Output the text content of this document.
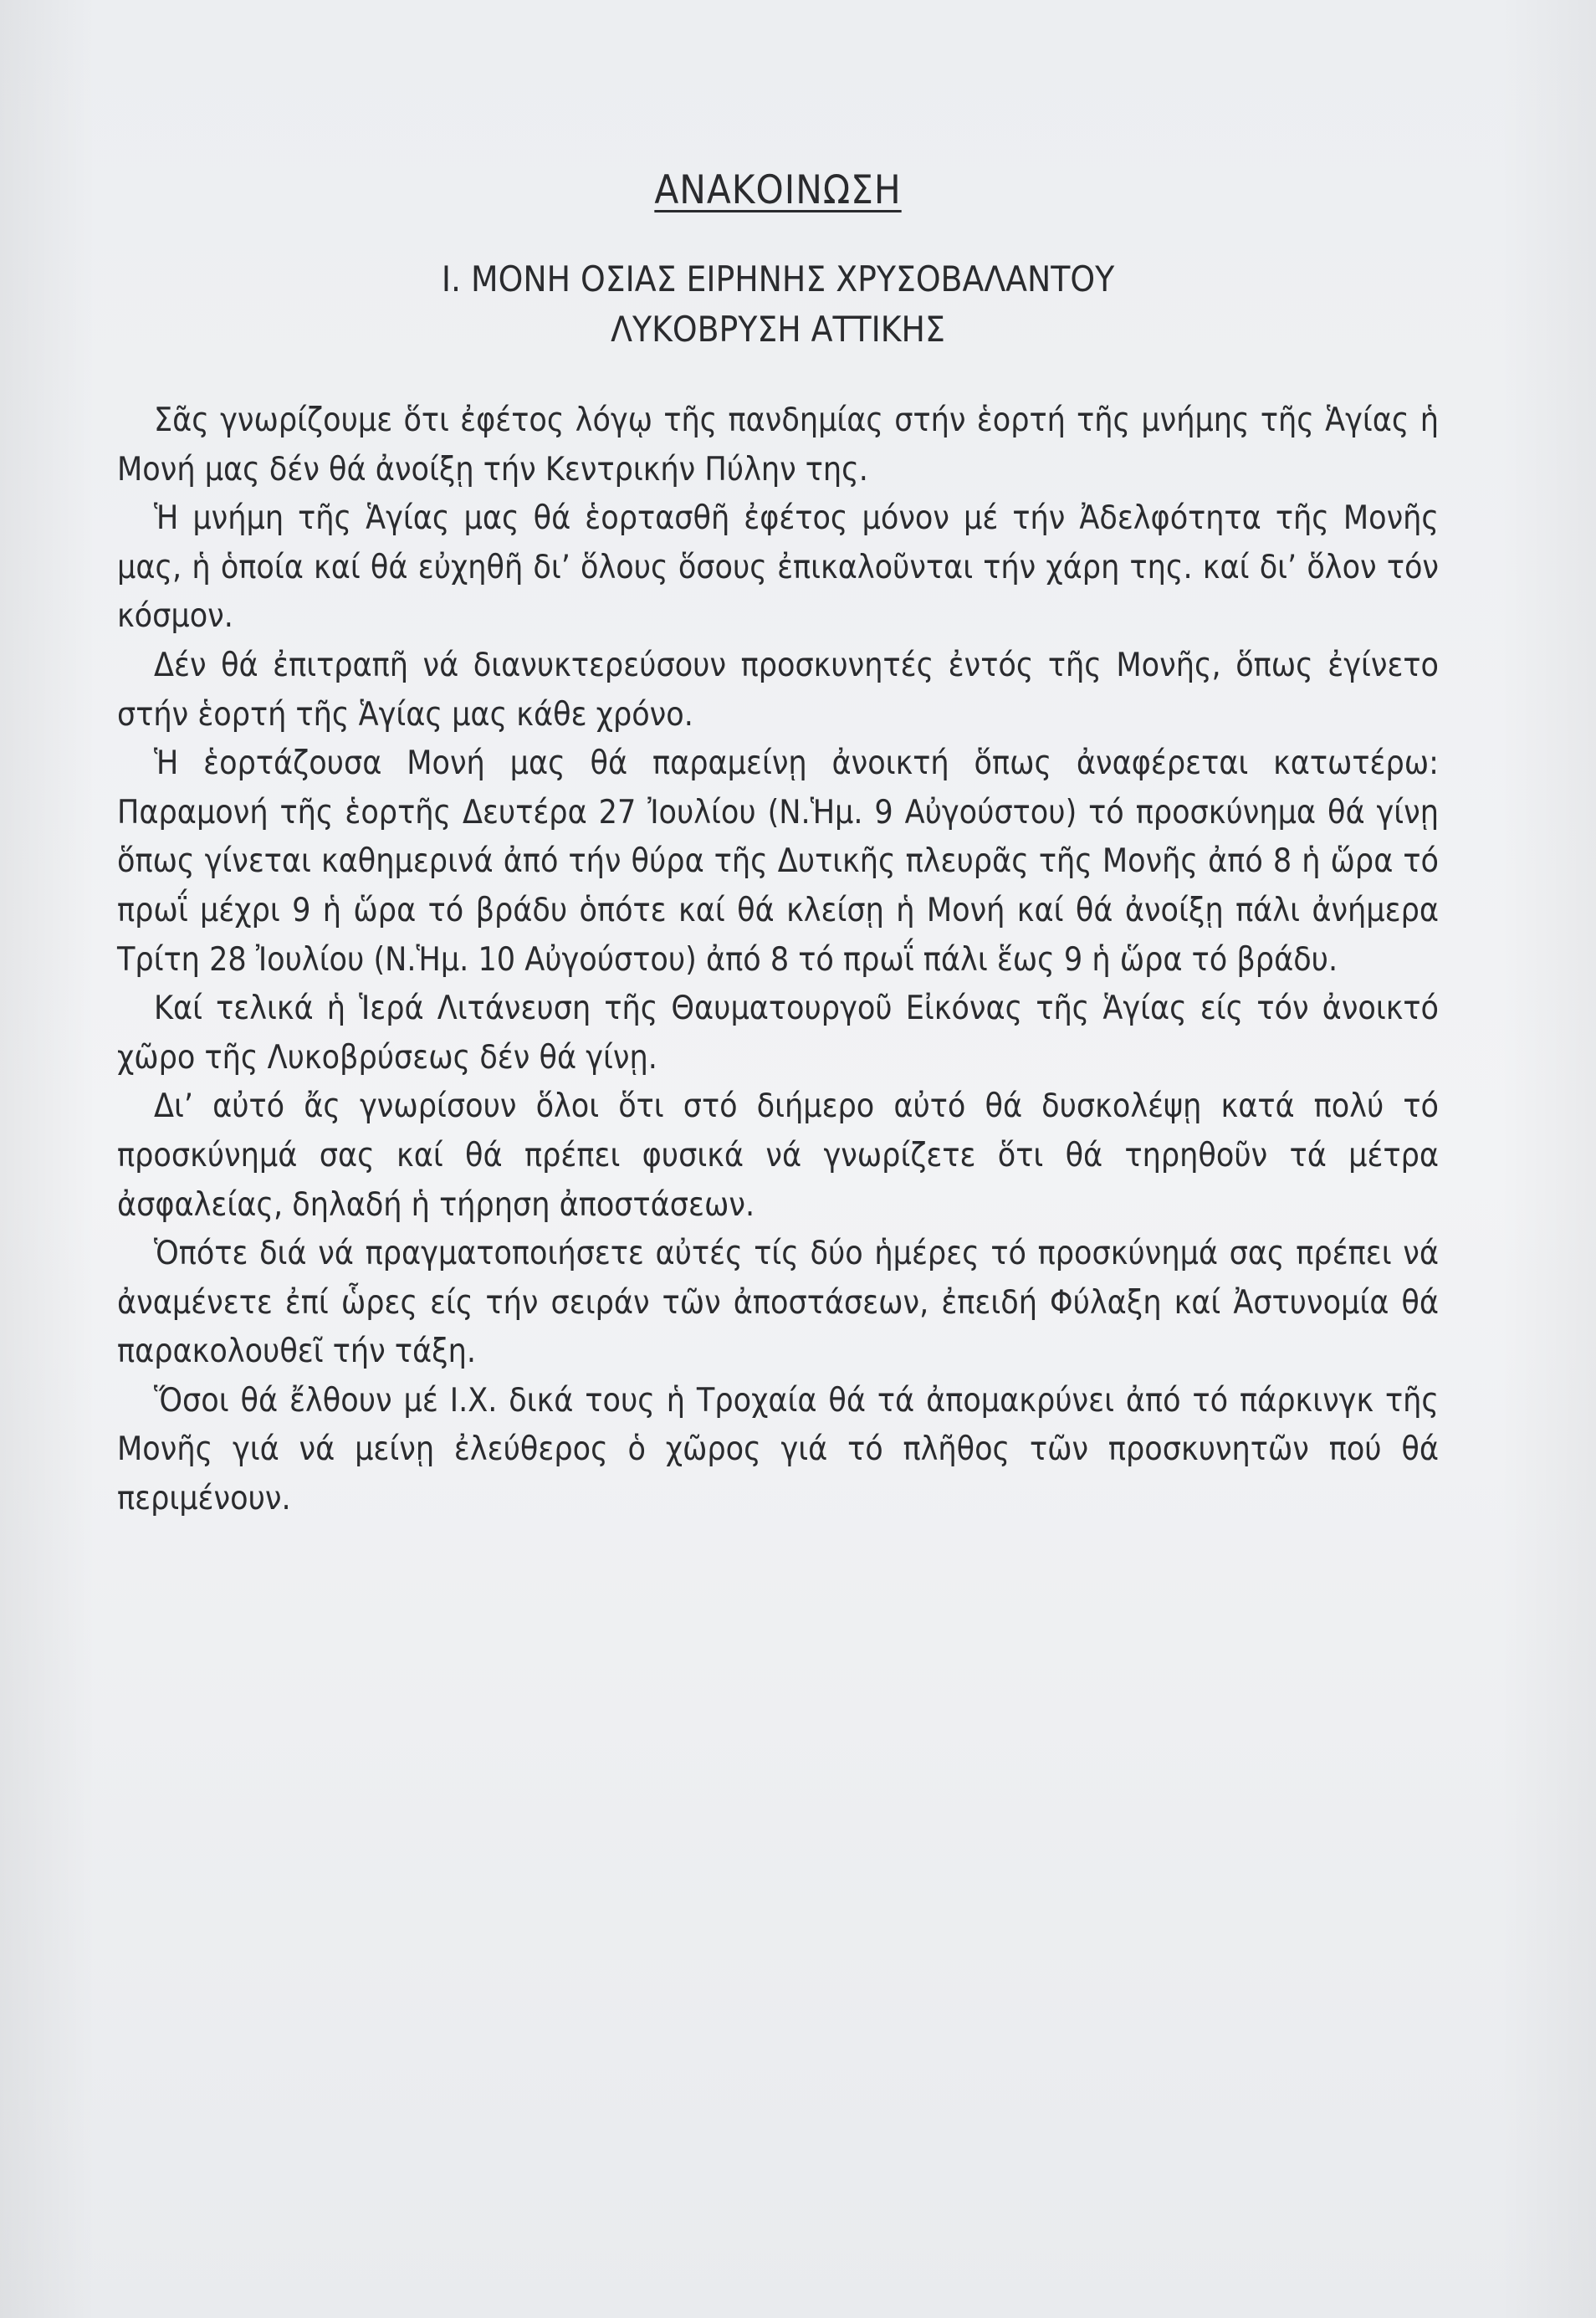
ΑΝΑΚΟΙΝΩΣΗ

Ι. ΜΟΝΗ ΟΣΙΑΣ ΕΙΡΗΝΗΣ ΧΡΥΣΟΒΑΛΑΝΤΟΥ

ΛΥΚΟΒΡΥΣΗ ΑΤΤΙΚΗΣ

Σᾶς γνωρίζουμε ὅτι ἐφέτος λόγῳ τῆς πανδημίας στήν ἑορτή τῆς μνήμης τῆς Ἁγίας ἡ Μονή μας δέν θά ἀνοίξῃ τήν Κεντρικήν Πύλην της.

Ἡ μνήμη τῆς Ἁγίας μας θά ἑορτασθῆ ἐφέτος μόνον μέ τήν Ἀδελφότητα τῆς Μονῆς μας, ἡ ὁποία καί θά εὐχηθῆ δι’ ὅλους ὅσους ἐπικαλοῦνται τήν χάρη της. καί δι’ ὅλον τόν κόσμον.

Δέν θά ἐπιτραπῆ νά διανυκτερεύσουν προσκυνητές ἐντός τῆς Μονῆς, ὅπως ἐγίνετο στήν ἑορτή τῆς Ἁγίας μας κάθε χρόνο.

Ἡ ἑορτάζουσα Μονή μας θά παραμείνῃ ἀνοικτή ὅπως ἀναφέρεται κατωτέρω: Παραμονή τῆς ἑορτῆς Δευτέρα 27 Ἰουλίου (Ν.Ἡμ. 9 Αὐγούστου) τό προσκύνημα θά γίνῃ ὅπως γίνεται καθημερινά ἀπό τήν θύρα τῆς Δυτικῆς πλευρᾶς τῆς Μονῆς ἀπό 8 ἡ ὥρα τό πρωΐ μέχρι 9 ἡ ὥρα τό βράδυ ὁπότε καί θά κλείσῃ ἡ Μονή καί θά ἀνοίξῃ πάλι ἀνήμερα Τρίτη 28 Ἰουλίου (Ν.Ἡμ. 10 Αὐγούστου) ἀπό 8 τό πρωΐ πάλι ἕως 9 ἡ ὥρα τό βράδυ.

Καί τελικά ἡ Ἱερά Λιτάνευση τῆς Θαυματουργοῦ Εἰκόνας τῆς Ἁγίας είς τόν ἀνοικτό χῶρο τῆς Λυκοβρύσεως δέν θά γίνῃ.

Δι’ αὐτό ἄς γνωρίσουν ὅλοι ὅτι στό διήμερο αὐτό θά δυσκολέψῃ κατά πολύ τό προσκύνημά σας καί θά πρέπει φυσικά νά γνωρίζετε ὅτι θά τηρηθοῦν τά μέτρα ἀσφαλείας, δηλαδή ἡ τήρηση ἀποστάσεων.

Ὁπότε διά νά πραγματοποιήσετε αὐτές τίς δύο ἡμέρες τό προσκύνημά σας πρέπει νά ἀναμένετε ἐπί ὧρες είς τήν σειράν τῶν ἀποστάσεων, ἐπειδή Φύλαξη καί Ἀστυνομία θά παρακολουθεῖ τήν τάξη.

Ὅσοι θά ἔλθουν μέ Ι.Χ. δικά τους ἡ Τροχαία θά τά ἀπομακρύνει ἀπό τό πάρκινγκ τῆς Μονῆς γιά νά μείνῃ ἐλεύθερος ὁ χῶρος γιά τό πλῆθος τῶν προσκυνητῶν πού θά περιμένουν.
